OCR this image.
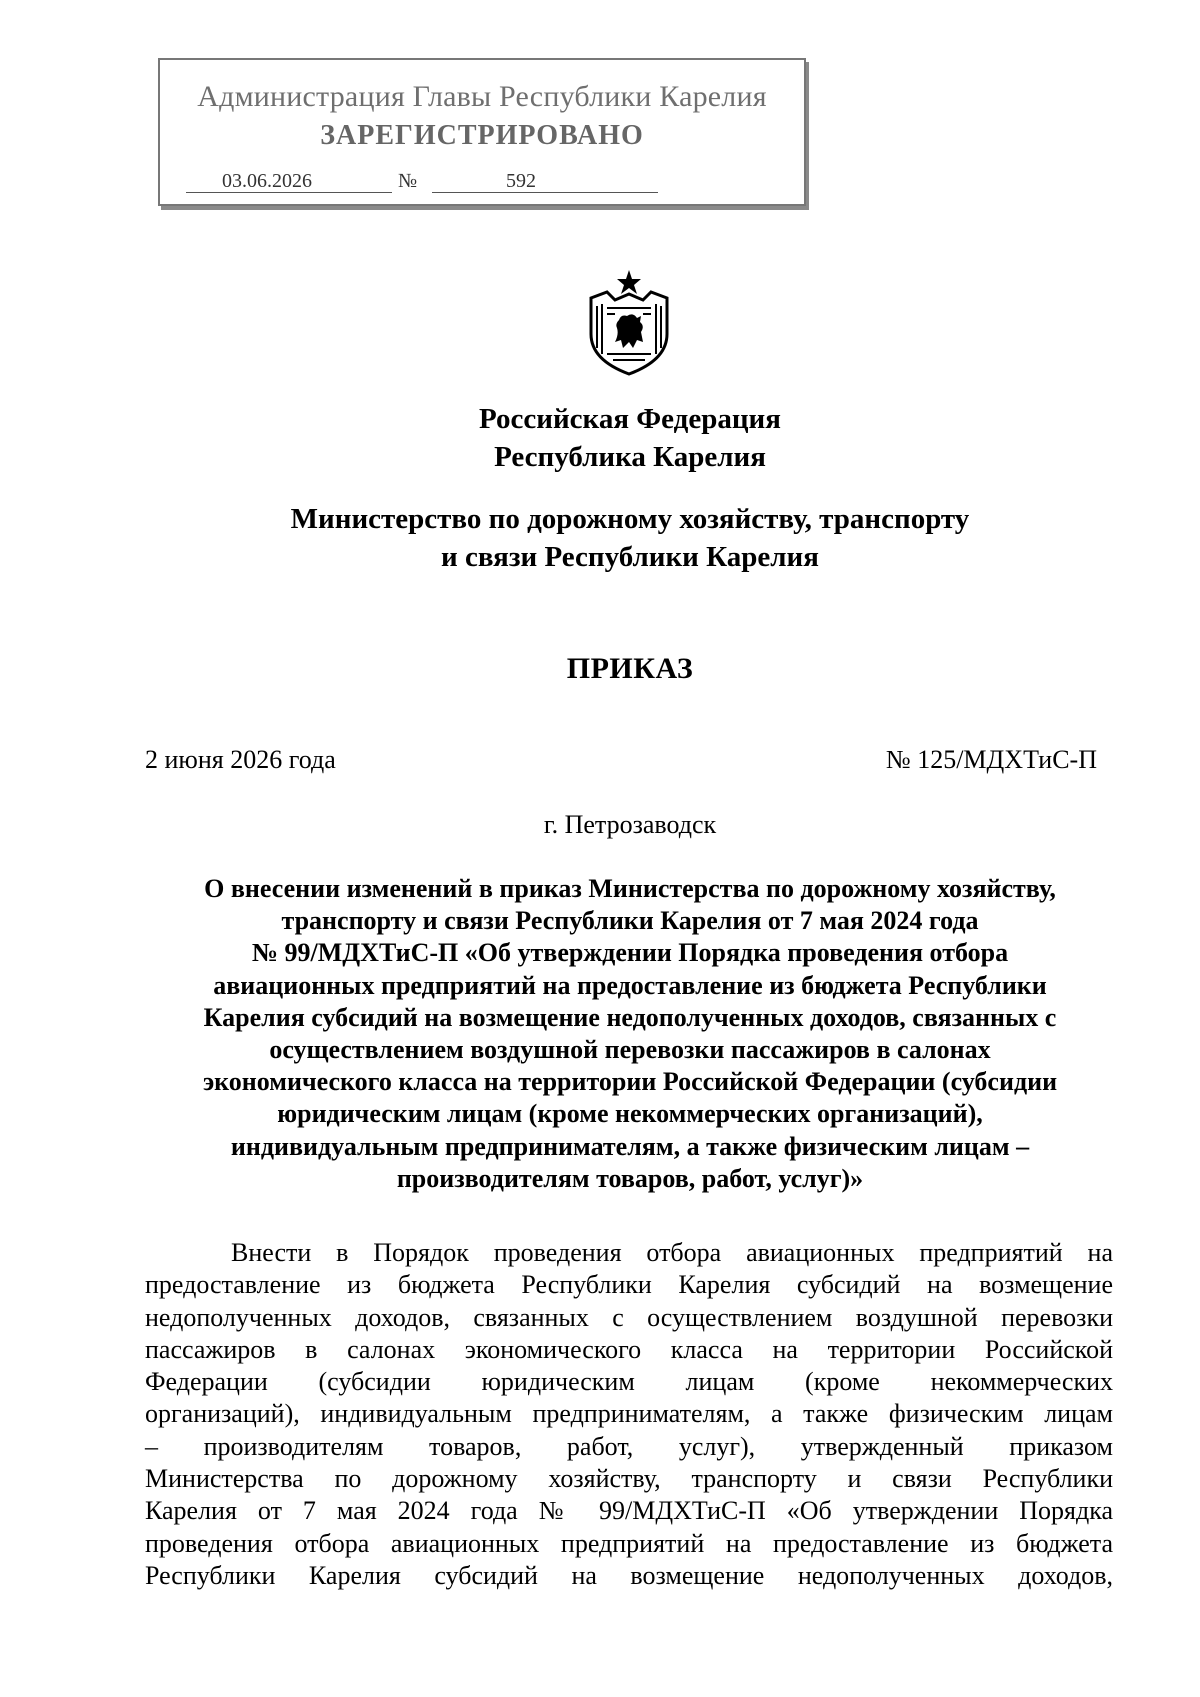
Администрация Главы Республики Карелия
ЗАРЕГИСТРИРОВАНО
03.06.2026	№	592
Российская Федерация
Республика Карелия
Министерство по дорожному хозяйству, транспорту
и связи Республики Карелия
ПРИКАЗ
2 июня 2026 года	№ 125/МДХТиС-П
г. Петрозаводск
О внесении изменений в приказ Министерства по дорожному хозяйству,
транспорту и связи Республики Карелия от 7 мая 2024 года
№ 99/МДХТиС-П «Об утверждении Порядка проведения отбора
авиационных предприятий на предоставление из бюджета Республики
Карелия субсидий на возмещение недополученных доходов, связанных с
осуществлением воздушной перевозки пассажиров в салонах
экономического класса на территории Российской Федерации (субсидии
юридическим лицам (кроме некоммерческих организаций),
индивидуальным предпринимателям, а также физическим лицам –
производителям товаров, работ, услуг)»
Внести в Порядок проведения отбора авиационных предприятий на
предоставление из бюджета Республики Карелия субсидий на возмещение
недополученных доходов, связанных с осуществлением воздушной перевозки
пассажиров в салонах экономического класса на территории Российской
Федерации (субсидии юридическим лицам (кроме некоммерческих
организаций), индивидуальным предпринимателям, а также физическим лицам
– производителям товаров, работ, услуг), утвержденный приказом
Министерства по дорожному хозяйству, транспорту и связи Республики
Карелия от 7 мая 2024 года № 99/МДХТиС-П «Об утверждении Порядка
проведения отбора авиационных предприятий на предоставление из бюджета
Республики Карелия субсидий на возмещение недополученных доходов,
